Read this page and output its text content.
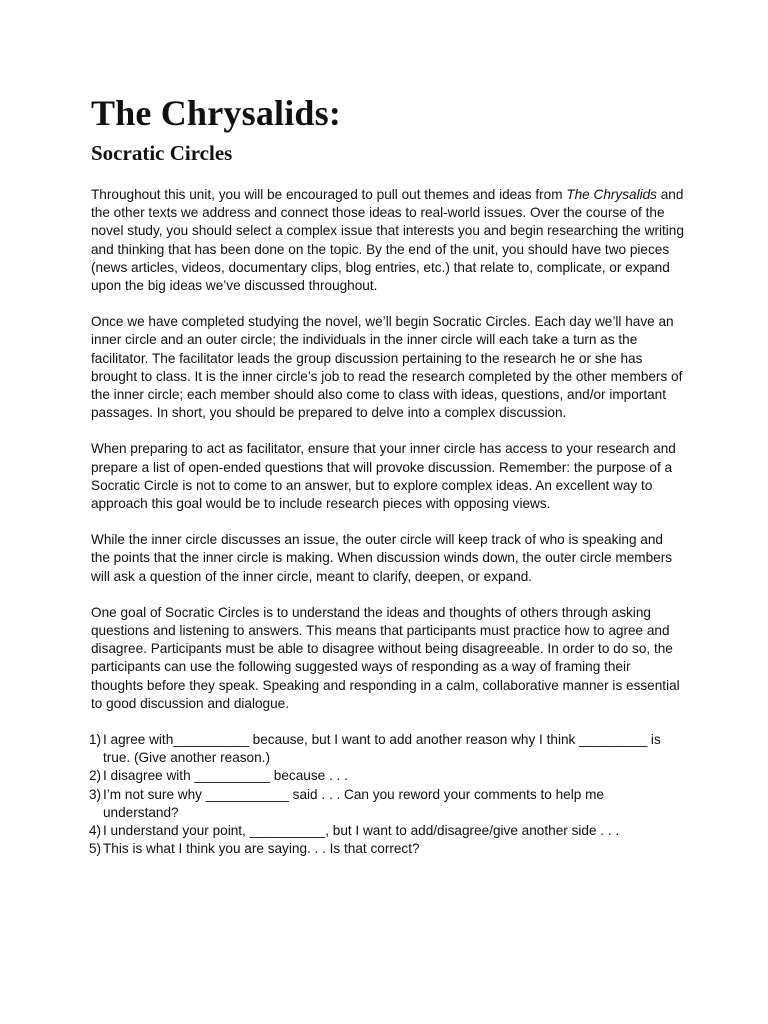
The Chrysalids:
Socratic Circles

Throughout this unit, you will be encouraged to pull out themes and ideas from The Chrysalids and the other texts we address and connect those ideas to real-world issues. Over the course of the novel study, you should select a complex issue that interests you and begin researching the writing and thinking that has been done on the topic. By the end of the unit, you should have two pieces (news articles, videos, documentary clips, blog entries, etc.) that relate to, complicate, or expand upon the big ideas we’ve discussed throughout.

Once we have completed studying the novel, we’ll begin Socratic Circles. Each day we’ll have an inner circle and an outer circle; the individuals in the inner circle will each take a turn as the facilitator. The facilitator leads the group discussion pertaining to the research he or she has brought to class. It is the inner circle’s job to read the research completed by the other members of the inner circle; each member should also come to class with ideas, questions, and/or important passages. In short, you should be prepared to delve into a complex discussion.

When preparing to act as facilitator, ensure that your inner circle has access to your research and prepare a list of open-ended questions that will provoke discussion. Remember: the purpose of a Socratic Circle is not to come to an answer, but to explore complex ideas. An excellent way to approach this goal would be to include research pieces with opposing views.

While the inner circle discusses an issue, the outer circle will keep track of who is speaking and the points that the inner circle is making. When discussion winds down, the outer circle members will ask a question of the inner circle, meant to clarify, deepen, or expand.

One goal of Socratic Circles is to understand the ideas and thoughts of others through asking questions and listening to answers. This means that participants must practice how to agree and disagree. Participants must be able to disagree without being disagreeable. In order to do so, the participants can use the following suggested ways of responding as a way of framing their thoughts before they speak. Speaking and responding in a calm, collaborative manner is essential to good discussion and dialogue.

1) I agree with__________ because, but I want to add another reason why I think _________ is true. (Give another reason.)
2) I disagree with __________ because . . .
3) I’m not sure why ___________ said . . . Can you reword your comments to help me understand?
4) I understand your point, __________, but I want to add/disagree/give another side . . .
5) This is what I think you are saying. . . Is that correct?
